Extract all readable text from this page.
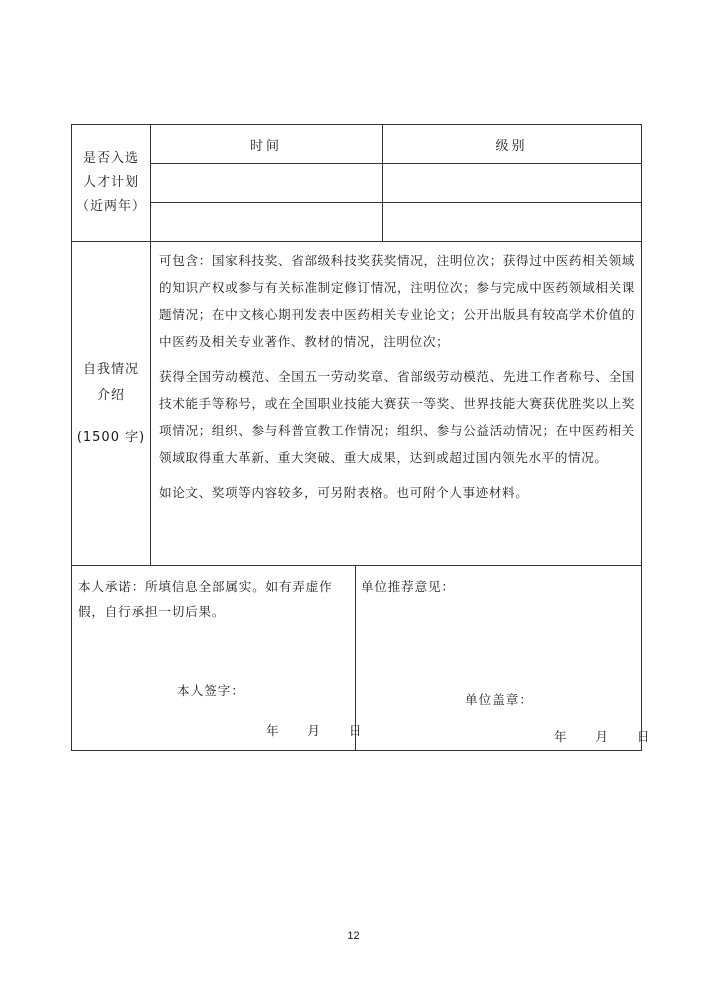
是否入选
人才计划
（近两年）
时间	级别
自我情况
介绍
(1500 字)

可包含：国家科技奖、省部级科技奖获奖情况，注明位次；获得过中医药相关领域的知识产权或参与有关标准制定修订情况，注明位次；参与完成中医药领域相关课题情况；在中文核心期刊发表中医药相关专业论文；公开出版具有较高学术价值的中医药及相关专业著作、教材的情况，注明位次；

获得全国劳动模范、全国五一劳动奖章、省部级劳动模范、先进工作者称号、全国技术能手等称号，或在全国职业技能大赛获一等奖、世界技能大赛获优胜奖以上奖项情况；组织、参与科普宣教工作情况；组织、参与公益活动情况；在中医药相关领域取得重大革新、重大突破、重大成果，达到或超过国内领先水平的情况。

如论文、奖项等内容较多，可另附表格。也可附个人事迹材料。

本人承诺：所填信息全部属实。如有弄虚作假，自行承担一切后果。
本人签字：
年 月 日
单位推荐意见：
单位盖章：
年 月 日
12
